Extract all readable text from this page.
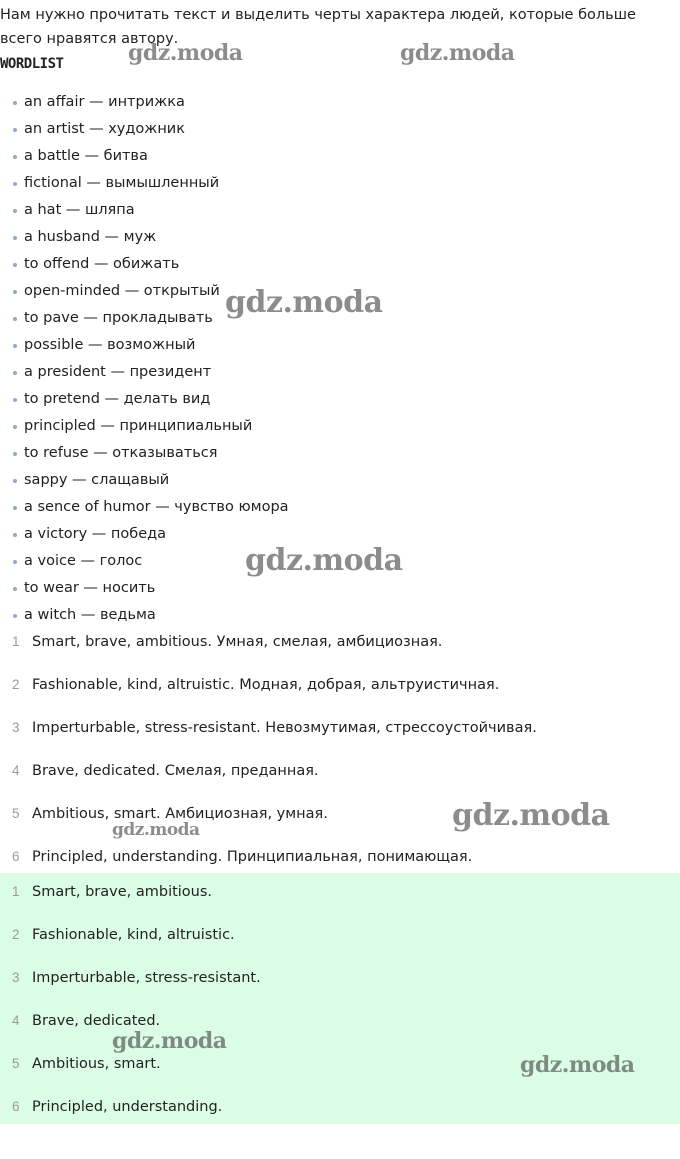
Нам нужно прочитать текст и выделить черты характера людей, которые больше всего нравятся автору.
WORDLIST
an affair — интрижка
an artist — художник
a battle — битва
fictional — вымышленный
a hat — шляпа
a husband — муж
to offend — обижать
open-minded — открытый
to pave — прокладывать
possible — возможный
a president — президент
to pretend — делать вид
principled — принципиальный
to refuse — отказываться
sappy — слащавый
a sence of humor — чувство юмора
a victory — победа
a voice — голос
to wear — носить
a witch — ведьма
1 Smart, brave, ambitious. Умная, смелая, амбициозная.
2 Fashionable, kind, altruistic. Модная, добрая, альтруистичная.
3 Imperturbable, stress-resistant. Невозмутимая, стрессоустойчивая.
4 Brave, dedicated. Смелая, преданная.
5 Ambitious, smart. Амбициозная, умная.
6 Principled, understanding. Принципиальная, понимающая.
1 Smart, brave, ambitious.
2 Fashionable, kind, altruistic.
3 Imperturbable, stress-resistant.
4 Brave, dedicated.
5 Ambitious, smart.
6 Principled, understanding.
gdz.moda	gdz.moda
gdz.moda
gdz.moda
gdz.moda
gdz.moda
gdz.moda
gdz.moda
